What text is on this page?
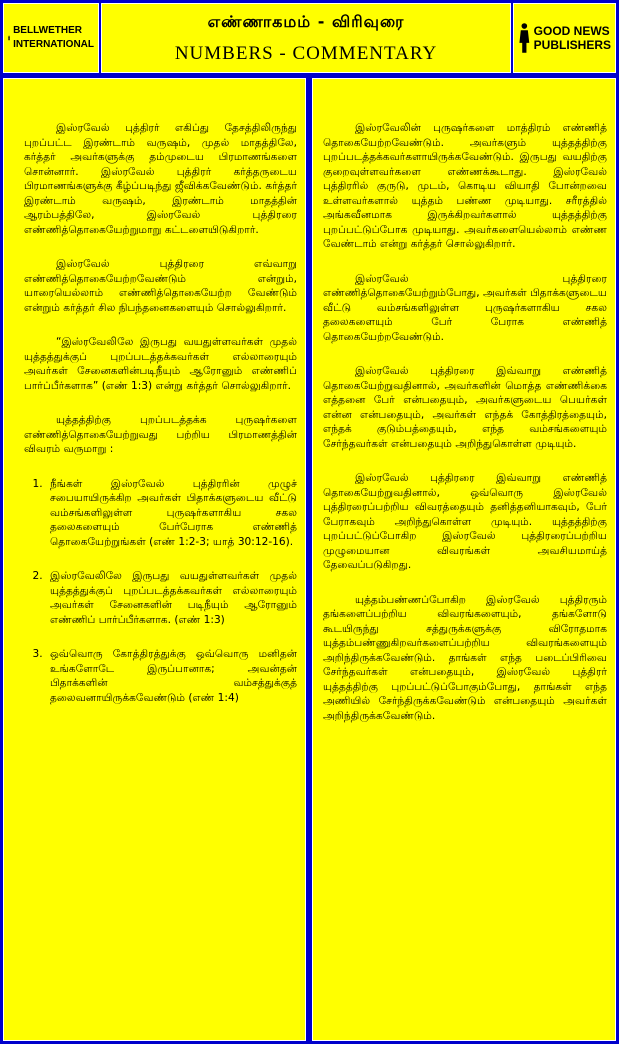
BELLWETHER
INTERNATIONAL
எண்ணாகமம் - விரிவுரை
NUMBERS - COMMENTARY
GOOD NEWS
PUBLISHERS

இஸ்ரவேல் புத்திரர் எகிப்து தேசத்திலிருந்து புறப்பட்ட இரண்டாம் வருஷம், முதல் மாதத்திலே, கர்த்தர் அவர்களுக்கு தம்முடைய பிரமாணங்களை சொன்னார். இஸ்ரவேல் புத்திரர் கர்த்தருடைய பிரமாணங்களுக்கு கீழ்ப்படிந்து ஜீவிக்கவேண்டும். கர்த்தர் இரண்டாம் வருஷம், இரண்டாம் மாதத்தின் ஆரம்பத்திலே, இஸ்ரவேல் புத்திரரை எண்ணித்தொகையேற்றுமாறு கட்டளையிடுகிறார்.

இஸ்ரவேல் புத்திரரை எவ்வாறு எண்ணித்தொகையேற்றவேண்டும் என்றும், யாரையெல்லாம் எண்ணித்தொகையேற்ற வேண்டும் என்றும் கர்த்தர் சில நிபந்தனைகளையும் சொல்லுகிறார்.

“இஸ்ரவேலிலே இருபது வயதுள்ளவர்கள் முதல் யுத்தத்துக்குப் புறப்படத்தக்கவர்கள் எல்லாரையும் அவர்கள் சேனைகளின்படிநீயும் ஆரோனும் எண்ணிப் பார்ப்பீர்களாக” (எண் 1:3) என்று கர்த்தர் சொல்லுகிறார்.

யுத்தத்திற்கு புறப்படத்தக்க புருஷர்களை எண்ணித்தொகையேற்றுவது பற்றிய பிரமாணத்தின் விவரம் வருமாறு :

1. நீங்கள் இஸ்ரவேல் புத்திரரின் முழுச் சபையாயிருக்கிற அவர்கள் பிதாக்களுடைய வீட்டு வம்சங்களிலுள்ள புருஷர்களாகிய சகல தலைகளையும் பேர்பேராக எண்ணித் தொகையேற்றுங்கள் (எண் 1:2-3; யாத் 30:12-16).
2. இஸ்ரவேலிலே இருபது வயதுள்ளவர்கள் முதல் யுத்தத்துக்குப் புறப்படத்தக்கவர்கள் எல்லாரையும் அவர்கள் சேனைகளின் படிநீயும் ஆரோனும் எண்ணிப் பார்ப்பீர்களாக. (எண் 1:3)
3. ஒவ்வொரு கோத்திரத்துக்கு ஒவ்வொரு மனிதன் உங்களோடே இருப்பானாக; அவன்தன் பிதாக்களின் வம்சத்துக்குத் தலைவனாயிருக்கவேண்டும் (எண் 1:4)

இஸ்ரவேலின் புருஷர்களை மாத்திரம் எண்ணித் தொகையேற்றவேண்டும். அவர்களும் யுத்தத்திற்கு புறப்படத்தக்கவர்களாயிருக்கவேண்டும். இருபது வயதிற்கு குறைவுள்ளவர்களை எண்ணக்கூடாது. இஸ்ரவேல் புத்திரரில் குருடு, முடம், கொடிய வியாதி போன்றவை உள்ளவர்களால் யுத்தம் பண்ண முடியாது. சரீரத்தில் அங்கவீனமாக இருக்கிறவர்களால் யுத்தத்திற்கு புறப்பட்டுப்போக முடியாது. அவர்களையெல்லாம் எண்ண வேண்டாம் என்று கர்த்தர் சொல்லுகிறார்.

இஸ்ரவேல் புத்திரரை எண்ணித்தொகையேற்றும்போது, அவர்கள் பிதாக்களுடைய வீட்டு வம்சங்களிலுள்ள புருஷர்களாகிய சகல தலைகளையும் பேர் பேராக எண்ணித் தொகையேற்றவேண்டும்.

இஸ்ரவேல் புத்திரரை இவ்வாறு எண்ணித் தொகையேற்றுவதினால், அவர்களின் மொத்த எண்ணிக்கை எத்தனை பேர் என்பதையும், அவர்களுடைய பெயர்கள் என்ன என்பதையும், அவர்கள் எந்தக் கோத்திரத்தையும், எந்தக் குடும்பத்தையும், எந்த வம்சங்களையும் சேர்ந்தவர்கள் என்பதையும் அறிந்துகொள்ள முடியும்.

இஸ்ரவேல் புத்திரரை இவ்வாறு எண்ணித் தொகையேற்றுவதினால், ஒவ்வொரு இஸ்ரவேல் புத்திரரைப்பற்றிய விவரத்தையும் தனித்தனியாகவும், பேர் பேராகவும் அறிந்துகொள்ள முடியும். யுத்தத்திற்கு புறப்பட்டுப்போகிற இஸ்ரவேல் புத்திரரைப்பற்றிய முழுமையான விவரங்கள் அவசியமாய்த் தேவைப்படுகிறது.

யுத்தம்பண்ணப்போகிற இஸ்ரவேல் புத்திரரும் தங்களைப்பற்றிய விவரங்களையும், தங்களோடு கூடயிருந்து சத்துருக்களுக்கு விரோதமாக யுத்தம்பண்ணுகிறவர்களைப்பற்றிய விவரங்களையும் அறிந்திருக்கவேண்டும். தாங்கள் எந்த படைப்பிரிவை சேர்ந்தவர்கள் என்பதையும், இஸ்ரவேல் புத்திரர் யுத்தத்திற்கு புறப்பட்டுப்போகும்போது, தாங்கள் எந்த அணியில் சேர்ந்திருக்கவேண்டும் என்பதையும் அவர்கள் அறிந்திருக்கவேண்டும்.
